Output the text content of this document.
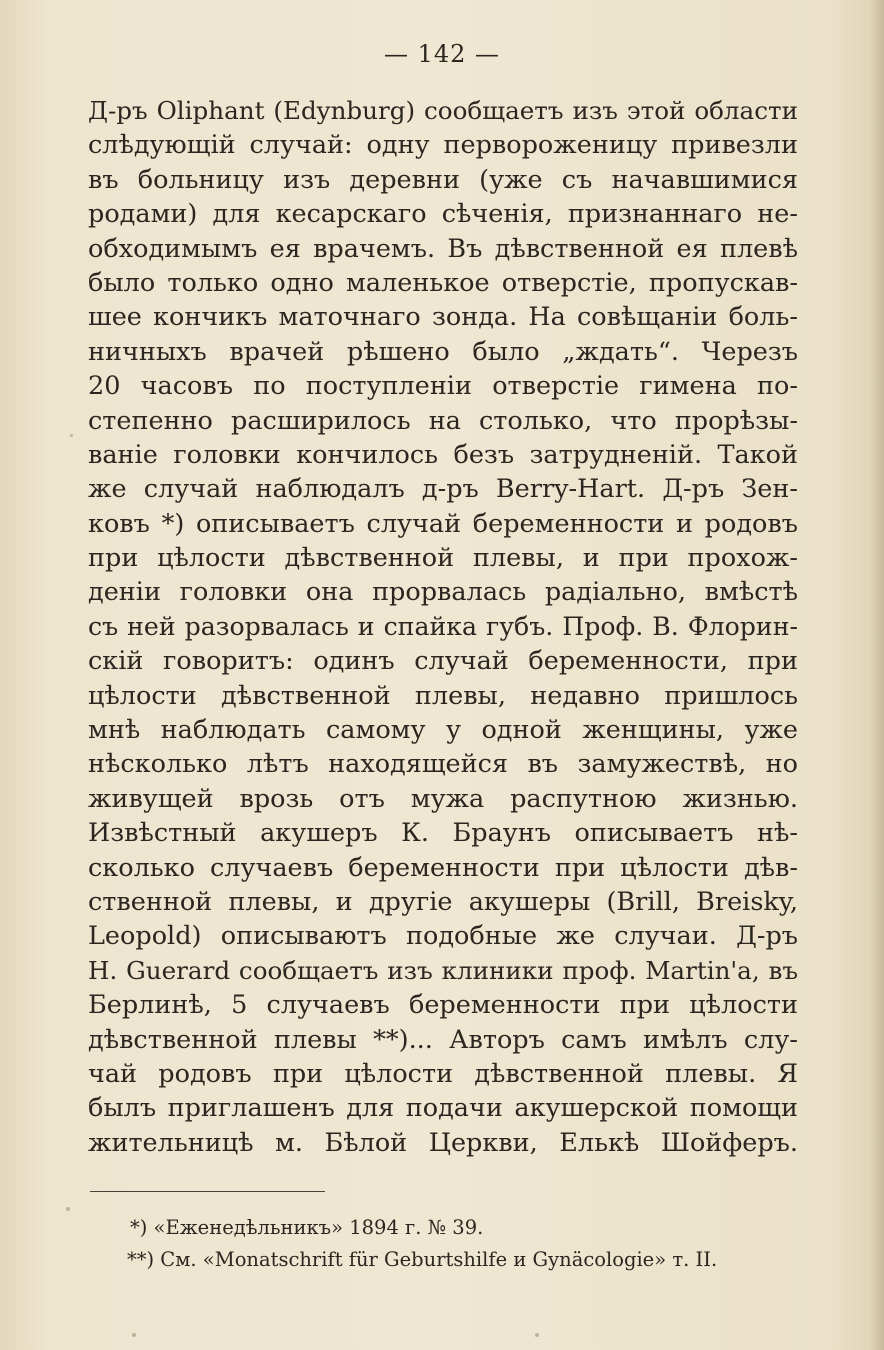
— 142 —
Д-ръ Oliphant (Edynburg) сообщаетъ изъ этой области
слѣдующій случай: одну первороженицу привезли
въ больницу изъ деревни (уже съ начавшимися
родами) для кесарскаго сѣченія, признаннаго не-
обходимымъ ея врачемъ. Въ дѣвственной ея плевѣ
было только одно маленькое отверстіе, пропускав-
шее кончикъ маточнаго зонда. На совѣщаніи боль-
ничныхъ врачей рѣшено было „ждать“. Черезъ
20 часовъ по поступленіи отверстіе гимена по-
степенно расширилось на столько, что прорѣзы-
ваніе головки кончилось безъ затрудненій. Такой
же случай наблюдалъ д-ръ Berry-Hart. Д-ръ Зен-
ковъ *) описываетъ случай беременности и родовъ
при цѣлости дѣвственной плевы, и при прохож-
деніи головки она прорвалась радіально, вмѣстѣ
съ ней разорвалась и спайка губъ. Проф. В. Флорин-
скій говоритъ: одинъ случай беременности, при
цѣлости дѣвственной плевы, недавно пришлось
мнѣ наблюдать самому у одной женщины, уже
нѣсколько лѣтъ находящейся въ замужествѣ, но
живущей врозь отъ мужа распутною жизнью.
Извѣстный акушеръ К. Браунъ описываетъ нѣ-
сколько случаевъ беременности при цѣлости дѣв-
ственной плевы, и другіе акушеры (Brill, Breisky,
Leopold) описываютъ подобные же случаи. Д-ръ
H. Guerard сообщаетъ изъ клиники проф. Martin'а, въ
Берлинѣ, 5 случаевъ беременности при цѣлости
дѣвственной плевы **)... Авторъ самъ имѣлъ слу-
чай родовъ при цѣлости дѣвственной плевы. Я
былъ приглашенъ для подачи акушерской помощи
жительницѣ м. Бѣлой Церкви, Елькѣ Шойферъ.
*) «Еженедѣльникъ» 1894 г. № 39.
**) См. «Monatschrift für Geburtshilfe и Gynäcologie» т. II.
